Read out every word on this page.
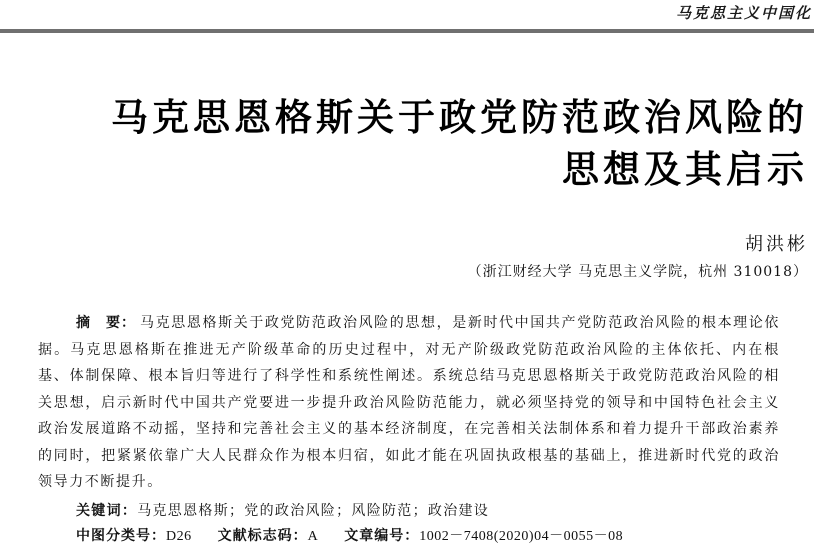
马克思主义中国化
马克思恩格斯关于政党防范政治风险的
思想及其启示
胡洪彬
（浙江财经大学 马克思主义学院，杭州 310018）
摘　要： 马克思恩格斯关于政党防范政治风险的思想，是新时代中国共产党防范政治风险的根本理论依据。马克思恩格斯在推进无产阶级革命的历史过程中，对无产阶级政党防范政治风险的主体依托、内在根基、体制保障、根本旨归等进行了科学性和系统性阐述。系统总结马克思恩格斯关于政党防范政治风险的相关思想，启示新时代中国共产党要进一步提升政治风险防范能力，就必须坚持党的领导和中国特色社会主义政治发展道路不动摇，坚持和完善社会主义的基本经济制度，在完善相关法制体系和着力提升干部政治素养的同时，把紧紧依靠广大人民群众作为根本归宿，如此才能在巩固执政根基的基础上，推进新时代党的政治领导力不断提升。
关键词：马克思恩格斯；党的政治风险；风险防范；政治建设
中图分类号：D26 文献标志码：A 文章编号：1002－7408(2020)04－0055－08
